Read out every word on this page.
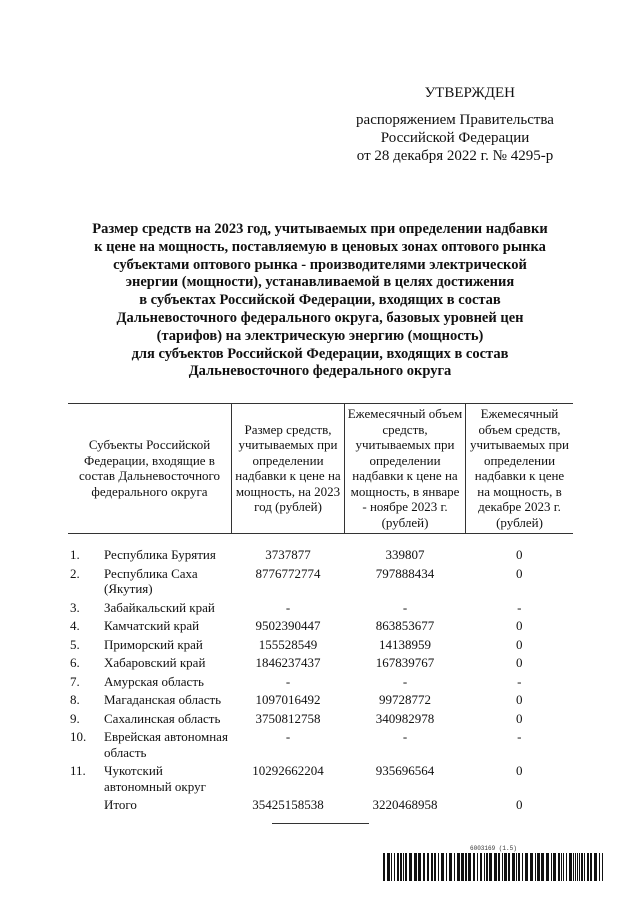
УТВЕРЖДЕН
распоряжением Правительства
Российской Федерации
от 28 декабря 2022 г. № 4295-р
Размер средств на 2023 год, учитываемых при определении надбавки
к цене на мощность, поставляемую в ценовых зонах оптового рынка
субъектами оптового рынка - производителями электрической
энергии (мощности), устанавливаемой в целях достижения
в субъектах Российской Федерации, входящих в состав
Дальневосточного федерального округа, базовых уровней цен
(тарифов) на электрическую энергию (мощность)
для субъектов Российской Федерации, входящих в состав
Дальневосточного федерального округа
Субъекты Российской Федерации, входящие в состав Дальневосточного федерального округа		Размер средств, учитываемых при определении надбавки к цене на мощность, на 2023 год (рублей)	Ежемесячный объем средств, учитываемых при определении надбавки к цене на мощность, в январе - ноябре 2023 г. (рублей)	Ежемесячный объем средств, учитываемых при определении надбавки к цене на мощность, в декабре 2023 г. (рублей)

1.	Республика Бурятия	3737877	339807	0
2.	Республика Саха (Якутия)	8776772774	797888434	0
3.	Забайкальский край	-	-	-
4.	Камчатский край	9502390447	863853677	0
5.	Приморский край	155528549	14138959	0
6.	Хабаровский край	1846237437	167839767	0
7.	Амурская область	-	-	-
8.	Магаданская область	1097016492	99728772	0
9.	Сахалинская область	3750812758	340982978	0
10.	Еврейская автономная область	-	-	-
11.	Чукотский автономный округ	10292662204	935696564	0
	Итого	35425158538	3220468958	0
6003169 (1.5)
